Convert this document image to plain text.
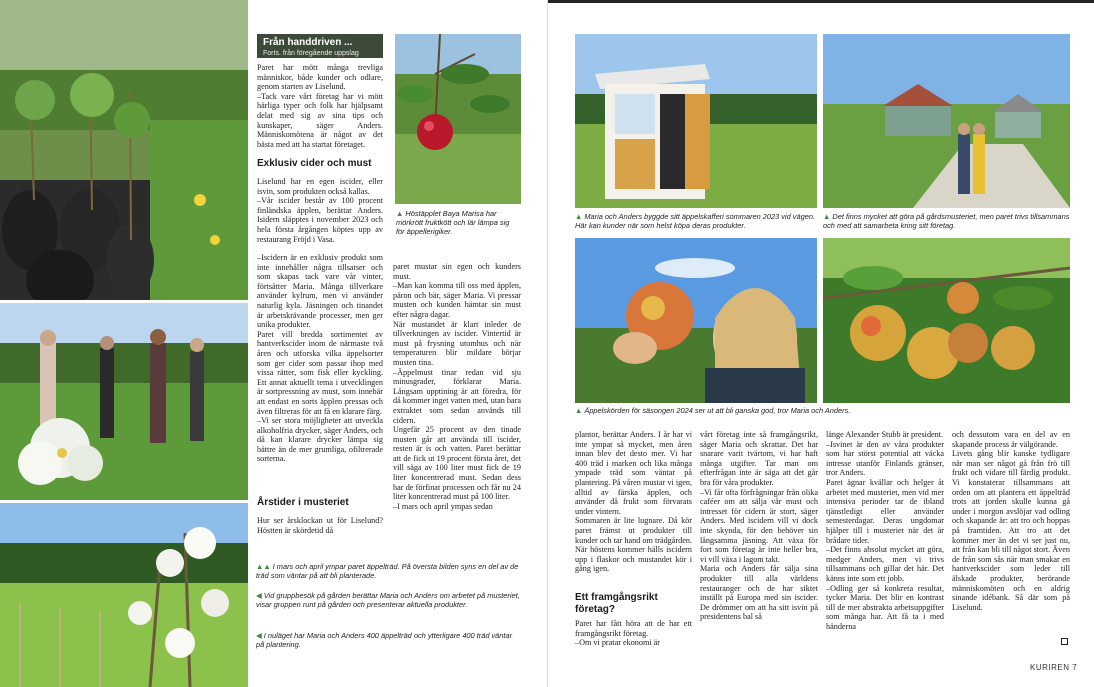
Från handdriven ...
Forts. från föregående uppslag
Paret har mött många trevliga människor, både kunder och odlare, genom starten av Liselund.
–Tack vare vårt företag har vi mött härliga typer och folk har hjälpsamt delat med sig av sina tips och kunskaper, säger Anders. Människomötena är något av det bästa med att ha startat företaget.
Exklusiv cider och must
Liselund har en egen iscider, eller isvin, som produkten också kallas.
–Vår iscider består av 100 procent finländska äpplen, berättar Anders. Isidern släpptes i november 2023 och hela första årgången köptes upp av restaurang Fröjd i Vasa.
–Iscidern är en exklusiv produkt som inte innehåller några tillsatser och som skapas tack vare vår vinter, förtsätter Maria. Många tillverkare använder kylrum, men vi använder naturlig kyla. Jäsningen och tinandet är arbetskrävande processer, men ger unika produkter.
Paret vill bredda sortimentet av hantverkscider inom de närmaste två åren och utforska vilka äppelsorter som ger cider som passar ihop med vissa rätter, som fisk eller kyckling. Ett annat aktuellt tema i utvecklingen är sortpressning av must, som innebär att endast en sorts äpplen pressas och även filtreras för att få en klarare färg.
–Vi ser stora möjligheter att utveckla alkoholfria drycker, säger Anders, och då kan klarare drycker lämpa sig bättre än de mer grumliga, ofiltrerade sorterna.
Årstider i musteriet
Hur ser årsklockan ut för Liselund? Höstten är skördetid då
▲ Höstäpplet Baya Marisa har mörkrött fruktkött och lär lämpa sig för äppellerigiker.
paret mustar sin egen och kunders must.
–Man kan komma till oss med äpplen, päron och bär, säger Maria. Vi pressar musten och kunden hämtar sin must efter några dagar.
När mustandet är klart inleder de tillverkningen av iscider. Vintertid är must på frysning utomhus och när temperaturen blir mildare börjar musten tina.
–Äppelmust tinar redan vid sju minusgrader, förklarar Maria. Långsam upptining är att föredra, för då kommer inget vatten med, utan bara extraktet som sedan används till cidern.
Ungefär 25 procent av den tinade musten går att använda till iscider, resten är is och vatten. Paret berättar att de fick ut 19 procent första året, det vill säga av 100 liter must fick de 19 liter koncentrerad must. Sedan dess har de förfinat processen och får nu 24 liter koncentrerad must på 100 liter.
–I mars och april ympas sedan
▲▲ I mars och april ympar paret äppelträd. På översta bilden syns en del av de träd som väntar på att bli planterade.
◀ Vid gruppbesök på gården berättar Maria och Anders om arbetet på musteriet, visar gruppen runt på gården och presenterar aktuella produkter.
◀ I nuläget har Maria och Anders 400 äppelträd och ytterligare 400 träd väntar på plantering.
▲ Maria och Anders byggde sitt äppelskafferi sommaren 2023 vid vägen. Här kan kunder när som helst köpa deras produkter.
▲ Det finns mycket att göra på gårdsmusteriet, men paret trivs tillsammans och med att samarbeta kring sitt företag.
▲ Äppelskörden för säsongen 2024 ser ut att bli ganska god, tror Maria och Anders.
plantor, berättar Anders. I år har vi inte ympat så mycket, men åren innan blev det desto mer. Vi har 400 träd i marken och lika många ympade träd som väntar på plantering. På våren mustar vi igen, alltid av färska äpplen, och använder då frukt som förvarats under vintern.
Sommaren är lite lugnare. Då kör paret främst ut produkter till kunder och tar hand om trädgården. När höstens kommer hälls iscidern upp i flaskor och mustandet kör i gång igen.
Ett framgångsrikt företag?
Paret har fått höra att de har ett framgångsrikt företag.
–Om vi pratar ekonomi är
vårt företag inte så framgångsrikt, säger Maria och skrattar. Det har snarare varit tvärtom, vi har haft många utgifter. Tar man om efterfrågan inte är säga att det går bra för våra produkter.
–Vi får ofta förfrågningar från olika caféer om att sälja vår must och intresset för cidern är stort, säger Anders. Med iscidern vill vi dock inte skynda, för den behöver sin långsamma jäsning. Att växa för fort som företag är inte heller bra, vi vill växa i lagom takt.
Maria och Anders får sälja sina produkter till alla världens restauranger och de har siktet inställt på Europa med sin iscider. De drömmer om att ha sitt isvin på presidentens bal så
länge Alexander Stubb är president.
–Isvinet är den av våra produkter som har störst potential att väcka intresse utanför Finlands gränser, tror Anders.
Paret ägnar kvällar och helger åt arbetet med musteriet, men vid mer intensiva perioder tar de ibland tjänstledigt eller använder semesterdagar. Deras ungdomar hjälper till i musteriet när det är brådare tider.
–Det finns absolut mycket att göra, medger Anders, men vi trivs tillsammans och gillar det här. Det känns inte som ett jobb.
–Odling ger så konkreta resultat, tycker Maria. Det blir en kontrast till de mer abstrakta arbetsuppgifter som många har. Att få ta i med händerna
och dessutom vara en del av en skapande process är välgörande.
Livets gång blir kanske tydligare när man ser något gå från frö till frukt och vidare till färdig produkt. Vi konstaterar tillsammans att orden om att plantera ett äppelträd trots att jorden skulle kunna gå under i morgon avslöjar vad odling och skapande är: att tro och hoppas på framtiden. Att tro att det kommer mer än det vi ser just nu, att från kan bli till något stort. Även de från som sås när man smakar en hantverkscider som leder till älskade produkter, berörande människomöten och en aldrig sinande idébank. Så där som på Liselund.
KURIREN 7
